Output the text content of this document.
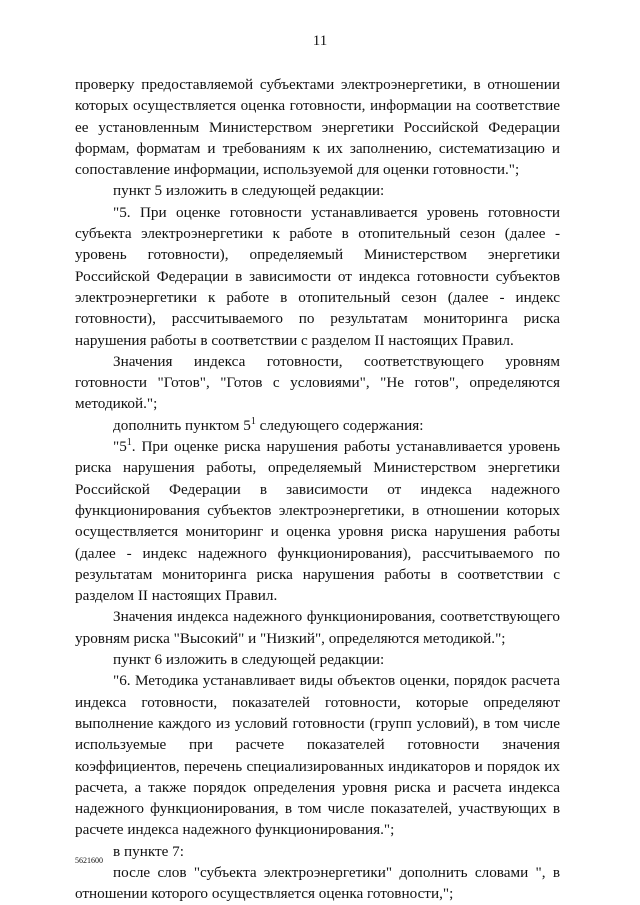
11

проверку предоставляемой субъектами электроэнергетики, в отношении которых осуществляется оценка готовности, информации на соответствие ее установленным Министерством энергетики Российской Федерации формам, форматам и требованиям к их заполнению, систематизацию и сопоставление информации, используемой для оценки готовности.";

пункт 5 изложить в следующей редакции:

"5. При оценке готовности устанавливается уровень готовности субъекта электроэнергетики к работе в отопительный сезон (далее - уровень готовности), определяемый Министерством энергетики Российской Федерации в зависимости от индекса готовности субъектов электроэнергетики к работе в отопительный сезон (далее - индекс готовности), рассчитываемого по результатам мониторинга риска нарушения работы в соответствии с разделом II настоящих Правил.

Значения индекса готовности, соответствующего уровням готовности "Готов", "Готов с условиями", "Не готов", определяются методикой.";

дополнить пунктом $5^1$ следующего содержания:

"$5^1$. При оценке риска нарушения работы устанавливается уровень риска нарушения работы, определяемый Министерством энергетики Российской Федерации в зависимости от индекса надежного функционирования субъектов электроэнергетики, в отношении которых осуществляется мониторинг и оценка уровня риска нарушения работы (далее - индекс надежного функционирования), рассчитываемого по результатам мониторинга риска нарушения работы в соответствии с разделом II настоящих Правил.

Значения индекса надежного функционирования, соответствующего уровням риска "Высокий" и "Низкий", определяются методикой.";

пункт 6 изложить в следующей редакции:

"6. Методика устанавливает виды объектов оценки, порядок расчета индекса готовности, показателей готовности, которые определяют выполнение каждого из условий готовности (групп условий), в том числе используемые при расчете показателей готовности значения коэффициентов, перечень специализированных индикаторов и порядок их расчета, а также порядок определения уровня риска и расчета индекса надежного функционирования, в том числе показателей, участвующих в расчете индекса надежного функционирования.";

в пункте 7:

после слов "субъекта электроэнергетики" дополнить словами ", в отношении которого осуществляется оценка готовности,";

5621600
